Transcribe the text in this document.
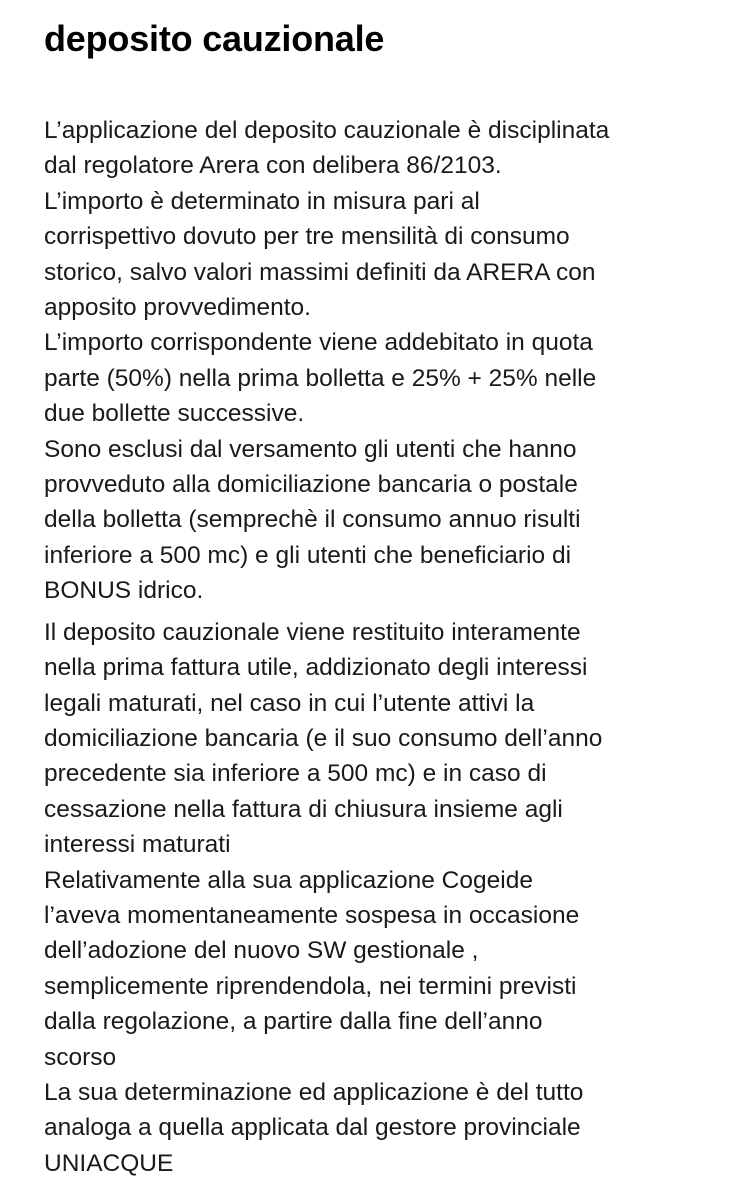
deposito cauzionale
L’applicazione del deposito cauzionale è disciplinata
dal regolatore Arera con delibera 86/2103.
L’importo è determinato in misura pari al
corrispettivo dovuto per tre mensilità di consumo
storico, salvo valori massimi definiti da ARERA con
apposito provvedimento.
L’importo corrispondente viene addebitato in quota
parte (50%) nella prima bolletta e 25% + 25% nelle
due bollette successive.
Sono esclusi dal versamento gli utenti che hanno
provveduto alla domiciliazione bancaria o postale
della bolletta (semprechè il consumo annuo risulti
inferiore a 500 mc) e gli utenti che beneficiario di
BONUS idrico.
Il deposito cauzionale viene restituito interamente
nella prima fattura utile, addizionato degli interessi
legali maturati, nel caso in cui l’utente attivi la
domiciliazione bancaria (e il suo consumo dell’anno
precedente sia inferiore a 500 mc) e in caso di
cessazione nella fattura di chiusura insieme agli
interessi maturati
Relativamente alla sua applicazione Cogeide
l’aveva momentaneamente sospesa in occasione
dell’adozione del nuovo SW gestionale ,
semplicemente riprendendola, nei termini previsti
dalla regolazione, a partire dalla fine dell’anno
scorso
La sua determinazione ed applicazione è del tutto
analoga a quella applicata dal gestore provinciale
UNIACQUE
